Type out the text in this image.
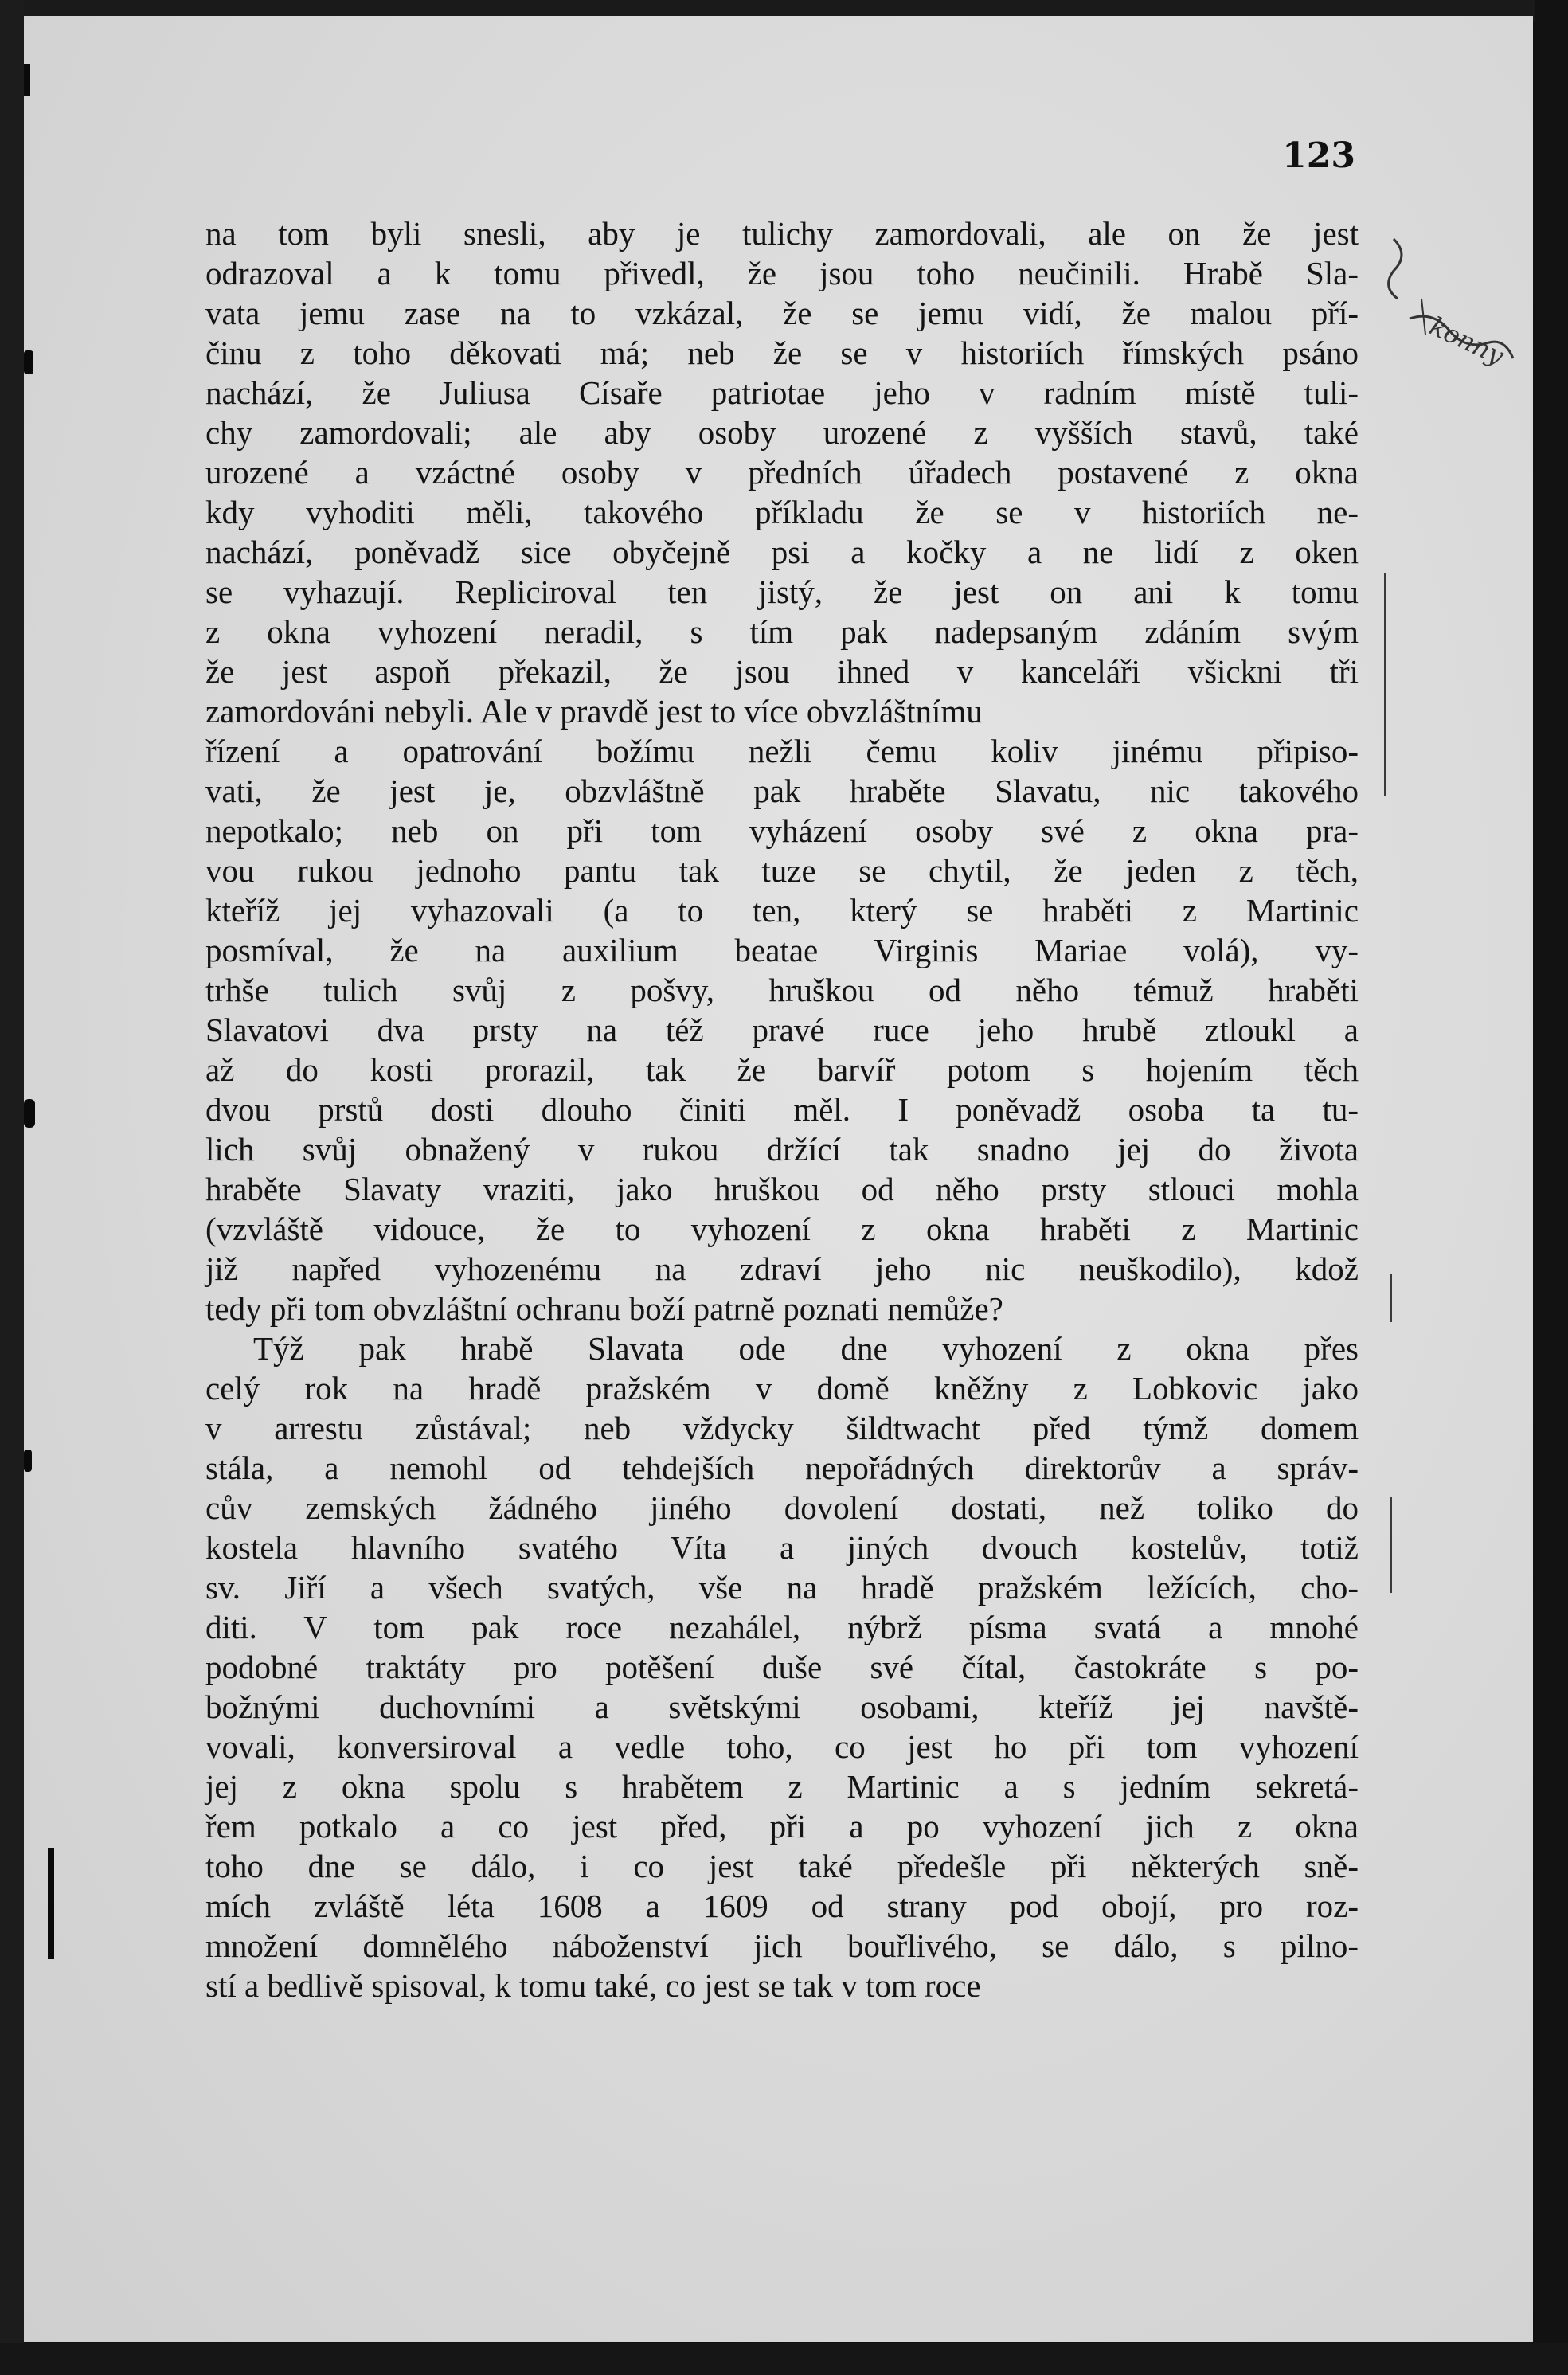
123
na tom byli snesli, aby je tulichy zamordovali, ale on že jest
odrazoval a k tomu přivedl, že jsou toho neučinili. Hrabě Sla-
vata jemu zase na to vzkázal, že se jemu vidí, že malou pří-
činu z toho děkovati má; neb že se v historiích římských psáno
nachází, že Juliusa Císaře patriotae jeho v radním místě tuli-
chy zamordovali; ale aby osoby urozené z vyšších stavů, také
urozené a vzáctné osoby v předních úřadech postavené z okna
kdy vyhoditi měli, takového příkladu že se v historiích ne-
nachází, poněvadž sice obyčejně psi a kočky a ne lidí z oken
se vyhazují. Repliciroval ten jistý, že jest on ani k tomu
z okna vyhození neradil, s tím pak nadepsaným zdáním svým
že jest aspoň překazil, že jsou ihned v kanceláři všickni tři
zamordováni nebyli. Ale v pravdě jest to více obvzláštnímu
řízení a opatrování božímu nežli čemu koliv jinému připiso-
vati, že jest je, obzvláštně pak hraběte Slavatu, nic takového
nepotkalo; neb on při tom vyházení osoby své z okna pra-
vou rukou jednoho pantu tak tuze se chytil, že jeden z těch,
kteříž jej vyhazovali (a to ten, který se hraběti z Martinic
posmíval, že na auxilium beatae Virginis Mariae volá), vy-
trhše tulich svůj z pošvy, hruškou od něho témuž hraběti
Slavatovi dva prsty na též pravé ruce jeho hrubě ztloukl a
až do kosti prorazil, tak že barvíř potom s hojením těch
dvou prstů dosti dlouho činiti měl. I poněvadž osoba ta tu-
lich svůj obnažený v rukou držící tak snadno jej do života
hraběte Slavaty vraziti, jako hruškou od něho prsty stlouci mohla
(vzvláště vidouce, že to vyhození z okna hraběti z Martinic
již napřed vyhozenému na zdraví jeho nic neuškodilo), kdož
tedy při tom obvzláštní ochranu boží patrně poznati nemůže?
Týž pak hrabě Slavata ode dne vyhození z okna přes
celý rok na hradě pražském v domě kněžny z Lobkovic jako
v arrestu zůstával; neb vždycky šildtwacht před týmž domem
stála, a nemohl od tehdejších nepořádných direktorův a správ-
cův zemských žádného jiného dovolení dostati, než toliko do
kostela hlavního svatého Víta a jiných dvouch kostelův, totiž
sv. Jiří a všech svatých, vše na hradě pražském ležících, cho-
diti. V tom pak roce nezahálel, nýbrž písma svatá a mnohé
podobné traktáty pro potěšení duše své čítal, častokráte s po-
božnými duchovními a světskými osobami, kteříž jej navště-
vovali, konversiroval a vedle toho, co jest ho při tom vyhození
jej z okna spolu s hrabětem z Martinic a s jedním sekretá-
řem potkalo a co jest před, při a po vyhození jich z okna
toho dne se dálo, i co jest také předešle při některých sně-
mích zvláště léta 1608 a 1609 od strany pod obojí, pro roz-
množení domnělého náboženství jich bouřlivého, se dálo, s pilno-
stí a bedlivě spisoval, k tomu také, co jest se tak v tom roce
konny
